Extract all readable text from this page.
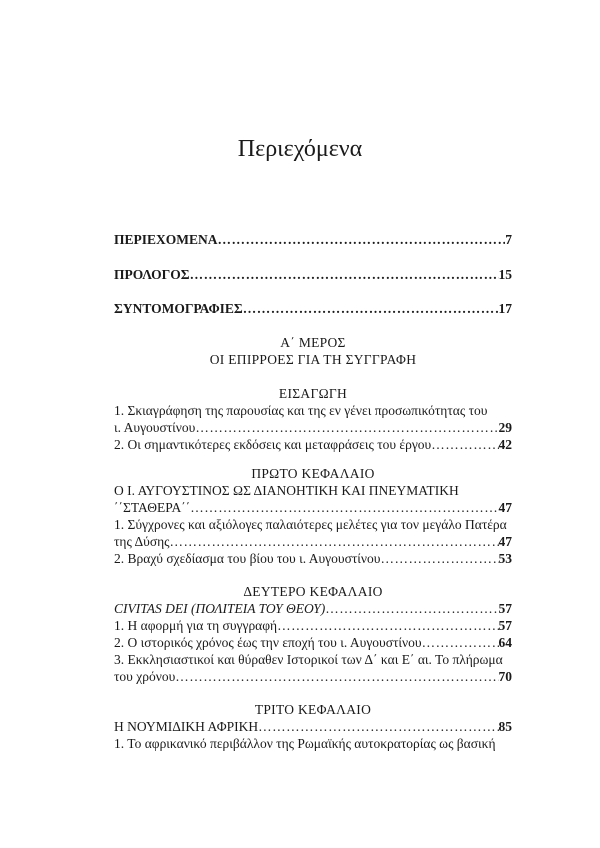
Περιεχόμενα
ΠΕΡΙΕΧΟΜΕΝΑ ……………………………………………………………………………………………………………………………………………………………………	7
ΠΡΟΛΟΓΟΣ ……………………………………………………………………………………………………………………………………………………………………	15
ΣΥΝΤΟΜΟΓΡΑΦΙΕΣ ……………………………………………………………………………………………………………………………………………………………………	17
Α΄ ΜΕΡΟΣ
ΟΙ ΕΠΙΡΡΟΕΣ ΓΙΑ ΤΗ ΣΥΓΓΡΑΦΗ
ΕΙΣΑΓΩΓΗ
1. Σκιαγράφηση της παρουσίας και της εν γένει προσωπικότητας του
ι. Αυγουστίνου ……………………………………………………………………………………………………………………………………………………………………	29
2. Οι σημαντικότερες εκδόσεις και μεταφράσεις του έργου ……………………………………………………………………………………………………………………………………………………………………	42
ΠΡΩΤΟ ΚΕΦΑΛΑΙΟ
Ο Ι. ΑΥΓΟΥΣΤΙΝΟΣ ΩΣ ΔΙΑΝΟΗΤΙΚΗ ΚΑΙ ΠΝΕΥΜΑΤΙΚΗ
΄΄ΣΤΑΘΕΡΑ΄΄ ……………………………………………………………………………………………………………………………………………………………………	47
1. Σύγχρονες και αξιόλογες παλαιότερες μελέτες για τον μεγάλο Πατέρα
της Δύσης ……………………………………………………………………………………………………………………………………………………………………	47
2. Βραχύ σχεδίασμα του βίου του ι. Αυγουστίνου ……………………………………………………………………………………………………………………………………………………………………	53
ΔΕΥΤΕΡΟ ΚΕΦΑΛΑΙΟ
CIVITAS DEI (ΠΟΛΙΤΕΙΑ ΤΟΥ ΘΕΟΥ) ……………………………………………………………………………………………………………………………………………………………………	57
1. Η αφορμή για τη συγγραφή ……………………………………………………………………………………………………………………………………………………………………	57
2. Ο ιστορικός χρόνος έως την εποχή του ι. Αυγουστίνου ……………………………………………………………………………………………………………………………………………………………………	64
3. Εκκλησιαστικοί και θύραθεν Ιστορικοί των Δ΄ και Ε΄ αι. Το πλήρωμα
του χρόνου ……………………………………………………………………………………………………………………………………………………………………	70
ΤΡΙΤΟ ΚΕΦΑΛΑΙΟ
Η ΝΟΥΜΙΔΙΚΗ ΑΦΡΙΚΗ ……………………………………………………………………………………………………………………………………………………………………	85
1. Το αφρικανικό περιβάλλον της Ρωμαϊκής αυτοκρατορίας ως βασική
